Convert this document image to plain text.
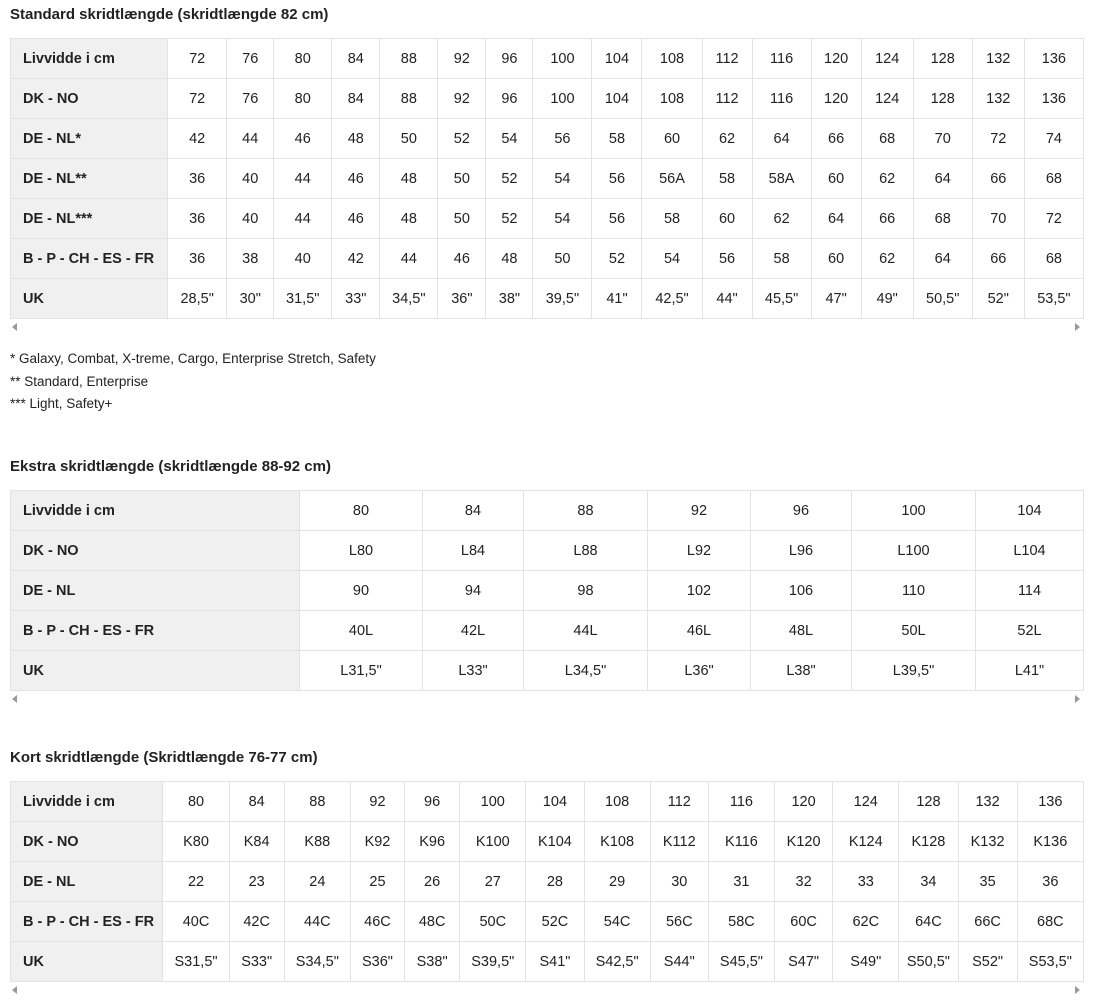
Standard skridtlængde (skridtlængde 82 cm)
Livvidde i cm	72	76	80	84	88	92	96	100	104	108	112	116	120	124	128	132	136
DK - NO	72	76	80	84	88	92	96	100	104	108	112	116	120	124	128	132	136
DE - NL*	42	44	46	48	50	52	54	56	58	60	62	64	66	68	70	72	74
DE - NL**	36	40	44	46	48	50	52	54	56	56A	58	58A	60	62	64	66	68
DE - NL***	36	40	44	46	48	50	52	54	56	58	60	62	64	66	68	70	72
B - P - CH - ES - FR	36	38	40	42	44	46	48	50	52	54	56	58	60	62	64	66	68
UK	28,5"	30"	31,5"	33"	34,5"	36"	38"	39,5"	41"	42,5"	44"	45,5"	47"	49"	50,5"	52"	53,5"
* Galaxy, Combat, X-treme, Cargo, Enterprise Stretch, Safety
** Standard, Enterprise
*** Light, Safety+
Ekstra skridtlængde (skridtlængde 88-92 cm)
Livvidde i cm	80	84	88	92	96	100	104
DK - NO	L80	L84	L88	L92	L96	L100	L104
DE - NL	90	94	98	102	106	110	114
B - P - CH - ES - FR	40L	42L	44L	46L	48L	50L	52L
UK	L31,5"	L33"	L34,5"	L36"	L38"	L39,5"	L41"
Kort skridtlængde (Skridtlængde 76-77 cm)
Livvidde i cm	80	84	88	92	96	100	104	108	112	116	120	124	128	132	136
DK - NO	K80	K84	K88	K92	K96	K100	K104	K108	K112	K116	K120	K124	K128	K132	K136
DE - NL	22	23	24	25	26	27	28	29	30	31	32	33	34	35	36
B - P - CH - ES - FR	40C	42C	44C	46C	48C	50C	52C	54C	56C	58C	60C	62C	64C	66C	68C
UK	S31,5"	S33"	S34,5"	S36"	S38"	S39,5"	S41"	S42,5"	S44"	S45,5"	S47"	S49"	S50,5"	S52"	S53,5"
